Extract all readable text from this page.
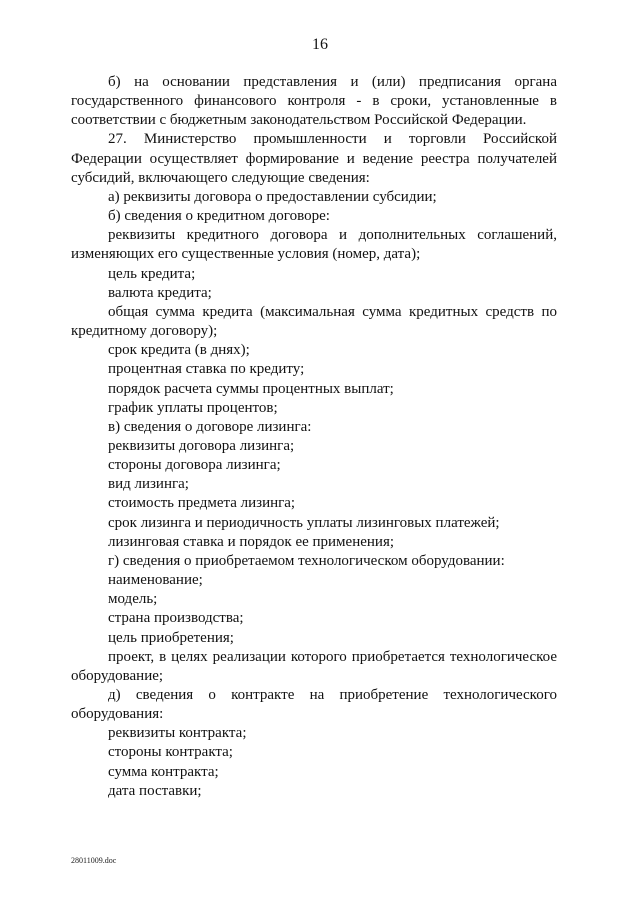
16

б) на основании представления и (или) предписания органа государственного финансового контроля - в сроки, установленные в соответствии с бюджетным законодательством Российской Федерации.

27. Министерство промышленности и торговли Российской Федерации осуществляет формирование и ведение реестра получателей субсидий, включающего следующие сведения:

а) реквизиты договора о предоставлении субсидии;

б) сведения о кредитном договоре:

реквизиты кредитного договора и дополнительных соглашений, изменяющих его существенные условия (номер, дата);

цель кредита;

валюта кредита;

общая сумма кредита (максимальная сумма кредитных средств по кредитному договору);

срок кредита (в днях);

процентная ставка по кредиту;

порядок расчета суммы процентных выплат;

график уплаты процентов;

в) сведения о договоре лизинга:

реквизиты договора лизинга;

стороны договора лизинга;

вид лизинга;

стоимость предмета лизинга;

срок лизинга и периодичность уплаты лизинговых платежей;

лизинговая ставка и порядок ее применения;

г) сведения о приобретаемом технологическом оборудовании:

наименование;

модель;

страна производства;

цель приобретения;

проект, в целях реализации которого приобретается технологическое оборудование;

д) сведения о контракте на приобретение технологического оборудования:

реквизиты контракта;

стороны контракта;

сумма контракта;

дата поставки;

28011009.doc
